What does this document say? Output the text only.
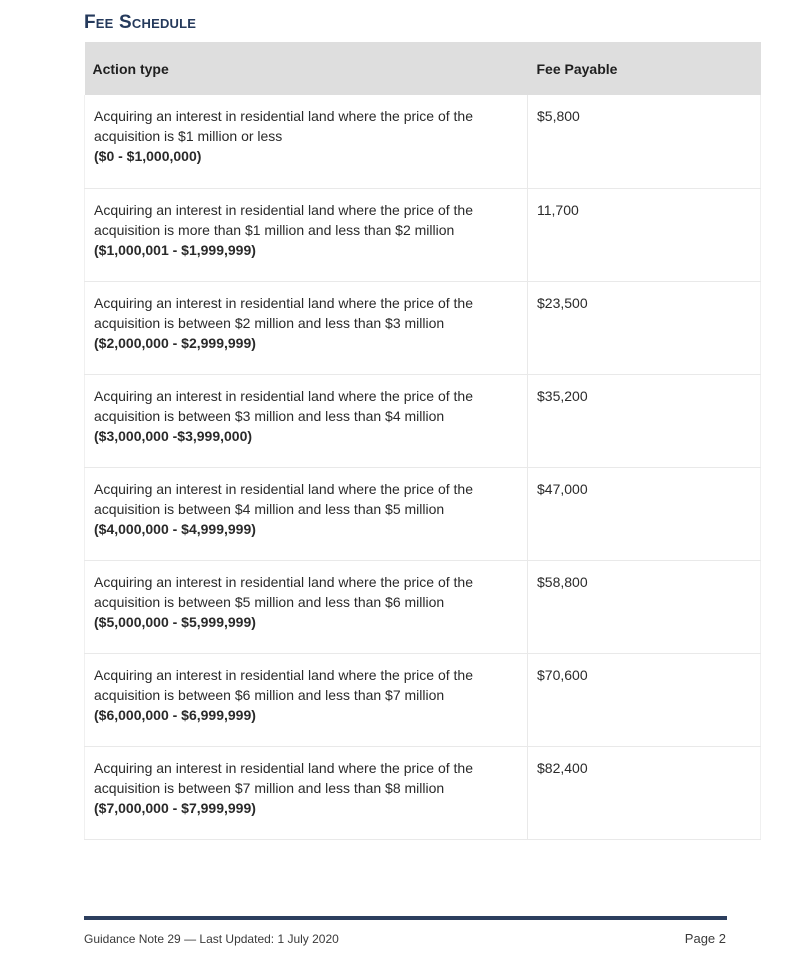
Fee Schedule
Action type	Fee Payable
Acquiring an interest in residential land where the price of the acquisition is $1 million or less
($0 - $1,000,000)	$5,800
Acquiring an interest in residential land where the price of the acquisition is more than $1 million and less than $2 million
($1,000,001 - $1,999,999)	11,700
Acquiring an interest in residential land where the price of the acquisition is between $2 million and less than $3 million
($2,000,000 - $2,999,999)	$23,500
Acquiring an interest in residential land where the price of the acquisition is between $3 million and less than $4 million
($3,000,000 -$3,999,000)	$35,200
Acquiring an interest in residential land where the price of the acquisition is between $4 million and less than $5 million
($4,000,000 - $4,999,999)	$47,000
Acquiring an interest in residential land where the price of the acquisition is between $5 million and less than $6 million
($5,000,000 - $5,999,999)	$58,800
Acquiring an interest in residential land where the price of the acquisition is between $6 million and less than $7 million
($6,000,000 - $6,999,999)	$70,600
Acquiring an interest in residential land where the price of the acquisition is between $7 million and less than $8 million
($7,000,000 - $7,999,999)	$82,400
Guidance Note 29 — Last Updated: 1 July 2020	Page 2
